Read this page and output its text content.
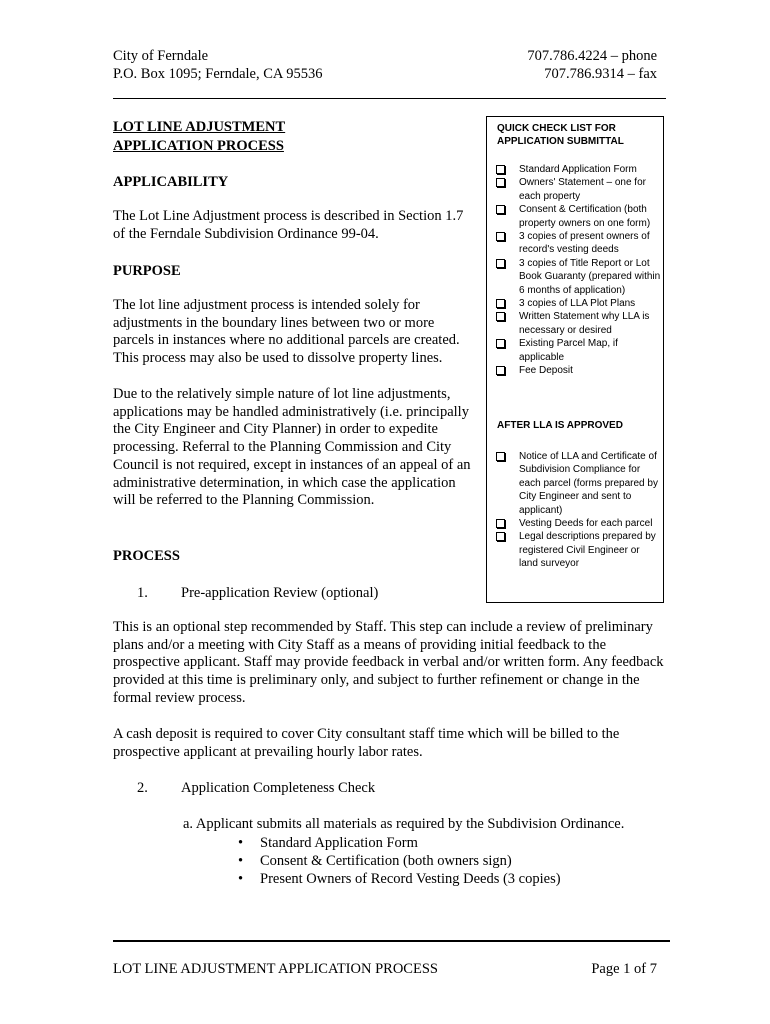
City of Ferndale
P.O. Box 1095; Ferndale, CA 95536
707.786.4224 – phone
707.786.9314 – fax
LOT LINE ADJUSTMENT
APPLICATION PROCESS
APPLICABILITY

The Lot Line Adjustment process is described in Section 1.7 of the Ferndale Subdivision Ordinance 99-04.

PURPOSE

The lot line adjustment process is intended solely for adjustments in the boundary lines between two or more parcels in instances where no additional parcels are created. This process may also be used to dissolve property lines.

Due to the relatively simple nature of lot line adjustments, applications may be handled administratively (i.e. principally the City Engineer and City Planner) in order to expedite processing. Referral to the Planning Commission and City Council is not required, except in instances of an appeal of an administrative determination, in which case the application will be referred to the Planning Commission.

PROCESS
1. Pre-application Review (optional)

This is an optional step recommended by Staff. This step can include a review of preliminary plans and/or a meeting with City Staff as a means of providing initial feedback to the prospective applicant. Staff may provide feedback in verbal and/or written form. Any feedback provided at this time is preliminary only, and subject to further refinement or change in the formal review process.

A cash deposit is required to cover City consultant staff time which will be billed to the prospective applicant at prevailing hourly labor rates.

2. Application Completeness Check
a. Applicant submits all materials as required by the Subdivision Ordinance.
• Standard Application Form
• Consent & Certification (both owners sign)
• Present Owners of Record Vesting Deeds (3 copies)
QUICK CHECK LIST FOR
APPLICATION SUBMITTAL
Standard Application Form
Owners' Statement – one for each property
Consent & Certification (both property owners on one form)
3 copies of present owners of record's vesting deeds
3 copies of Title Report or Lot Book Guaranty (prepared within 6 months of application)
3 copies of LLA Plot Plans
Written Statement why LLA is necessary or desired
Existing Parcel Map, if applicable
Fee Deposit
AFTER LLA IS APPROVED
Notice of LLA and Certificate of Subdivision Compliance for each parcel (forms prepared by City Engineer and sent to applicant)
Vesting Deeds for each parcel
Legal descriptions prepared by registered Civil Engineer or land surveyor
LOT LINE ADJUSTMENT APPLICATION PROCESS	Page 1 of 7
